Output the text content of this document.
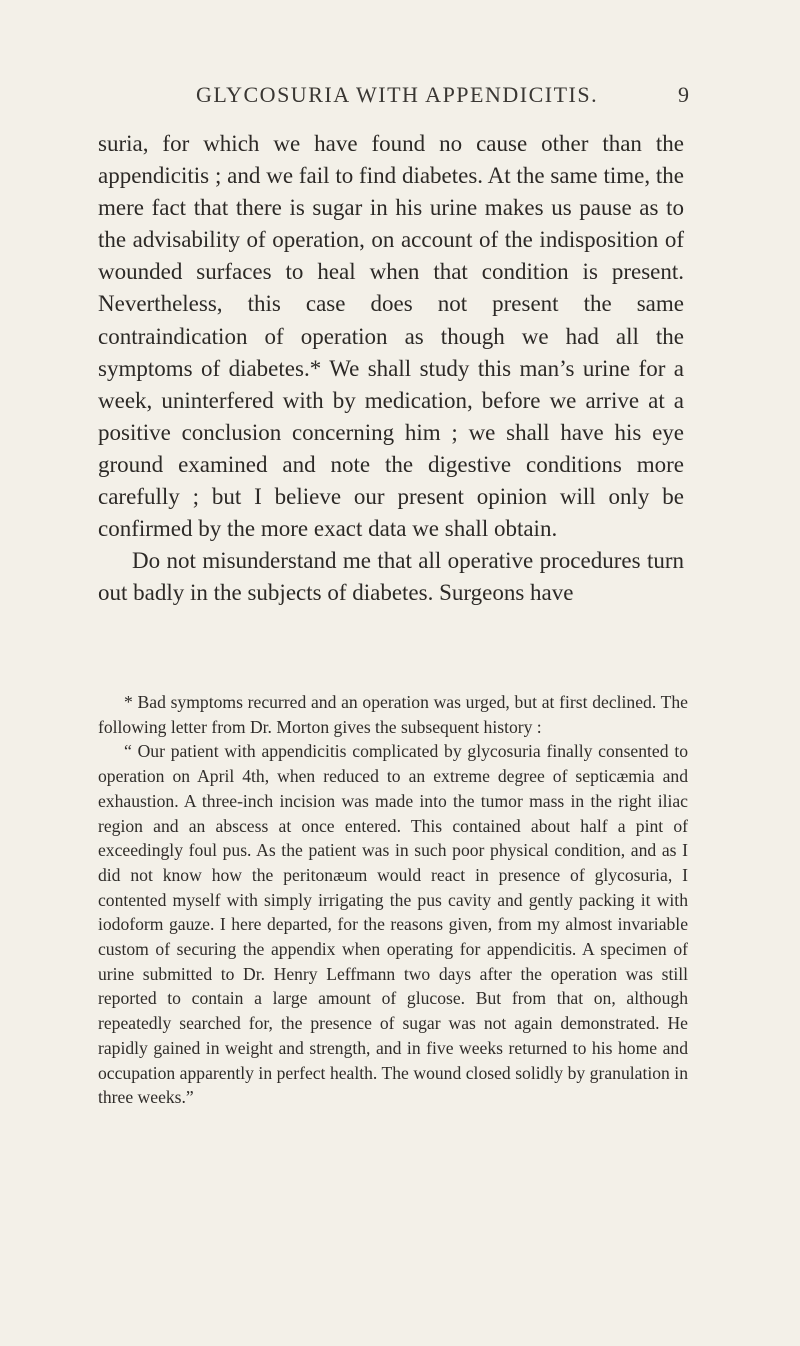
GLYCOSURIA WITH APPENDICITIS.	9

suria, for which we have found no cause other than the appendicitis ; and we fail to find diabetes. At the same time, the mere fact that there is sugar in his urine makes us pause as to the advisability of operation, on account of the indisposition of wounded surfaces to heal when that condition is present. Nevertheless, this case does not present the same contraindication of operation as though we had all the symptoms of diabetes.* We shall study this man’s urine for a week, uninterfered with by medication, before we arrive at a positive conclusion concerning him ; we shall have his eye ground examined and note the digestive conditions more carefully ; but I believe our present opinion will only be confirmed by the more exact data we shall obtain.

Do not misunderstand me that all operative procedures turn out badly in the subjects of diabetes. Surgeons have

* Bad symptoms recurred and an operation was urged, but at first declined. The following letter from Dr. Morton gives the subsequent history :

“ Our patient with appendicitis complicated by glycosuria finally consented to operation on April 4th, when reduced to an extreme degree of septicæmia and exhaustion. A three-inch incision was made into the tumor mass in the right iliac region and an abscess at once entered. This contained about half a pint of exceedingly foul pus. As the patient was in such poor physical condition, and as I did not know how the peritonæum would react in presence of glycosuria, I contented myself with simply irrigating the pus cavity and gently packing it with iodoform gauze. I here departed, for the reasons given, from my almost invariable custom of securing the appendix when operating for appendicitis. A specimen of urine submitted to Dr. Henry Leffmann two days after the operation was still reported to contain a large amount of glucose. But from that on, although repeatedly searched for, the presence of sugar was not again demonstrated. He rapidly gained in weight and strength, and in five weeks returned to his home and occupation apparently in perfect health. The wound closed solidly by granulation in three weeks.”
